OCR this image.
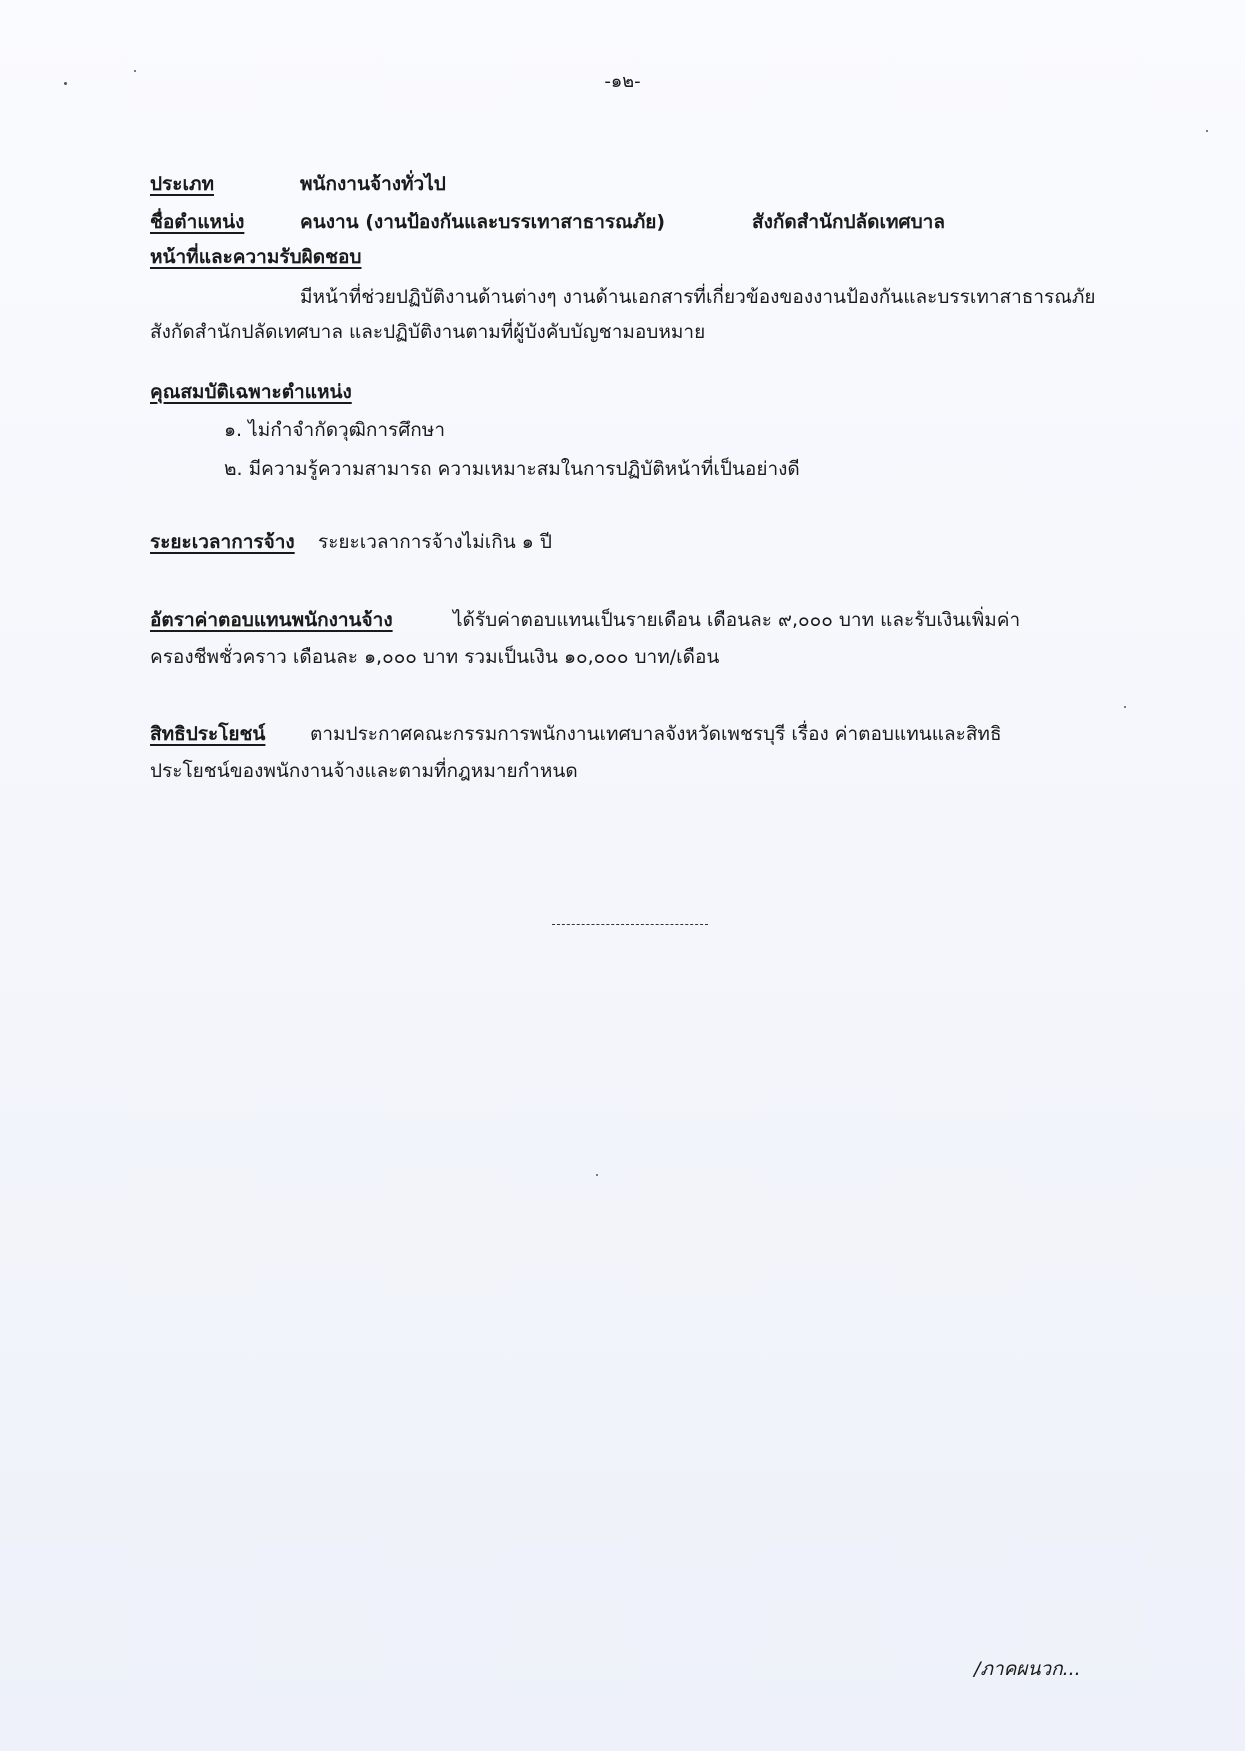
-๑๒-
ประเภท	พนักงานจ้างทั่วไป
ชื่อตำแหน่ง	คนงาน (งานป้องกันและบรรเทาสาธารณภัย)	สังกัดสำนักปลัดเทศบาล
หน้าที่และความรับผิดชอบ
มีหน้าที่ช่วยปฏิบัติงานด้านต่างๆ งานด้านเอกสารที่เกี่ยวข้องของงานป้องกันและบรรเทาสาธารณภัย
สังกัดสำนักปลัดเทศบาล และปฏิบัติงานตามที่ผู้บังคับบัญชามอบหมาย
คุณสมบัติเฉพาะตำแหน่ง
๑. ไม่กำจำกัดวุฒิการศึกษา
๒. มีความรู้ความสามารถ ความเหมาะสมในการปฏิบัติหน้าที่เป็นอย่างดี
ระยะเวลาการจ้าง ระยะเวลาการจ้างไม่เกิน ๑ ปี
อัตราค่าตอบแทนพนักงานจ้าง	ได้รับค่าตอบแทนเป็นรายเดือน เดือนละ ๙,๐๐๐ บาท และรับเงินเพิ่มค่า
ครองชีพชั่วคราว เดือนละ ๑,๐๐๐ บาท รวมเป็นเงิน ๑๐,๐๐๐ บาท/เดือน
สิทธิประโยชน์ ตามประกาศคณะกรรมการพนักงานเทศบาลจังหวัดเพชรบุรี เรื่อง ค่าตอบแทนและสิทธิ
ประโยชน์ของพนักงานจ้างและตามที่กฎหมายกำหนด
/ภาคผนวก...
